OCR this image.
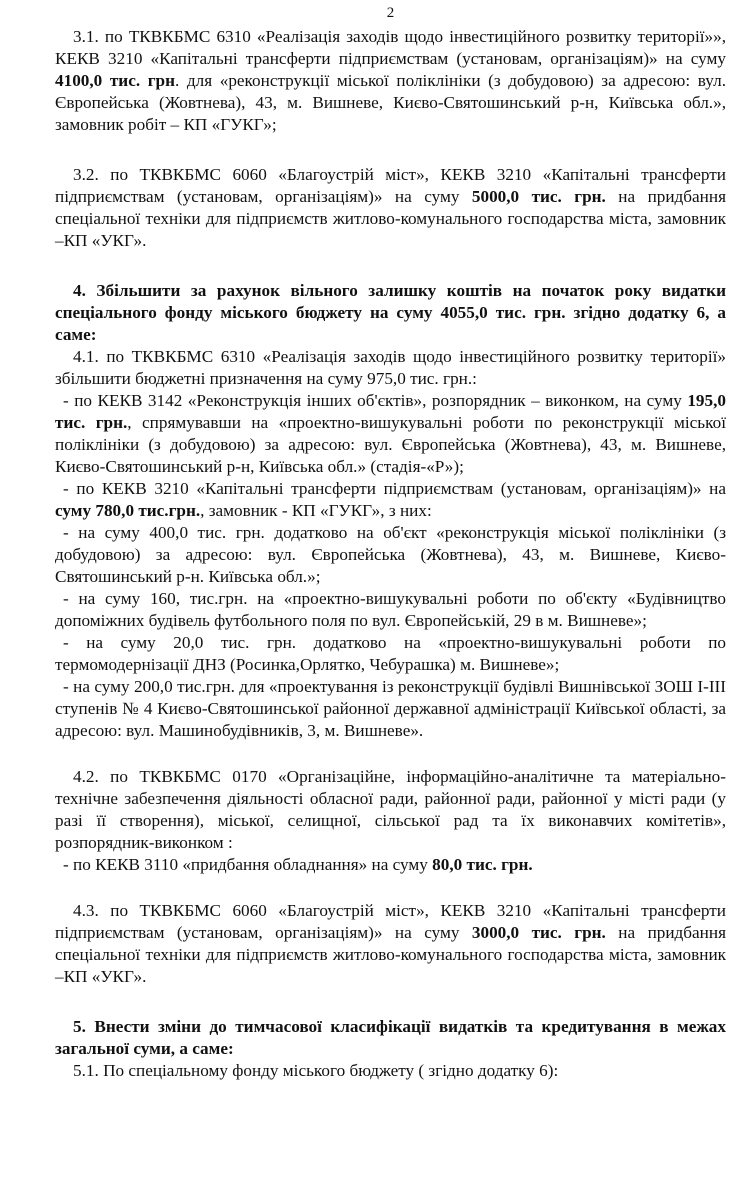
2

3.1. по ТКВКБМС 6310 «Реалізація заходів щодо інвестиційного розвитку території»», КЕКВ 3210 «Капітальні трансферти підприємствам (установам, організаціям)» на суму 4100,0 тис. грн. для «реконструкції міської поліклініки (з добудовою) за адресою: вул. Європейська (Жовтнева), 43, м. Вишневе, Києво-Святошинський р-н, Київська обл.», замовник робіт – КП «ГУКГ»;

3.2. по ТКВКБМС 6060 «Благоустрій міст», КЕКВ 3210 «Капітальні трансферти підприємствам (установам, організаціям)» на суму 5000,0 тис. грн. на придбання спеціальної техніки для підприємств житлово-комунального господарства міста, замовник –КП «УКГ».

4. Збільшити за рахунок вільного залишку коштів на початок року видатки спеціального фонду міського бюджету на суму 4055,0 тис. грн. згідно додатку 6, а саме:

4.1. по ТКВКБМС 6310 «Реалізація заходів щодо інвестиційного розвитку території» збільшити бюджетні призначення на суму 975,0 тис. грн.:

- по КЕКВ 3142 «Реконструкція інших об'єктів», розпорядник – виконком, на суму 195,0 тис. грн., спрямувавши на «проектно-вишукувальні роботи по реконструкції міської поліклініки (з добудовою) за адресою: вул. Європейська (Жовтнева), 43, м. Вишневе, Києво-Святошинський р-н, Київська обл.» (стадія-«Р»);

- по КЕКВ 3210 «Капітальні трансферти підприємствам (установам, організаціям)» на суму 780,0 тис.грн., замовник - КП «ГУКГ», з них:

- на суму 400,0 тис. грн. додатково на об'єкт «реконструкція міської поліклініки (з добудовою) за адресою: вул. Європейська (Жовтнева), 43, м. Вишневе, Києво-Святошинський р-н. Київська обл.»;

- на суму 160, тис.грн. на «проектно-вишукувальні роботи по об'єкту «Будівництво допоміжних будівель футбольного поля по вул. Європейській, 29 в м. Вишневе»;

- на суму 20,0 тис. грн. додатково на «проектно-вишукувальні роботи по термомодернізації ДНЗ (Росинка,Орлятко, Чебурашка) м. Вишневе»;

- на суму 200,0 тис.грн. для «проектування із реконструкції будівлі Вишнівської ЗОШ І-ІІІ ступенів № 4 Києво-Святошинської районної державної адміністрації Київської області, за адресою: вул. Машинобудівників, 3, м. Вишневе».

4.2. по ТКВКБМС 0170 «Організаційне, інформаційно-аналітичне та матеріально-технічне забезпечення діяльності обласної ради, районної ради, районної у місті ради (у разі її створення), міської, селищної, сільської рад та їх виконавчих комітетів», розпорядник-виконком :

- по КЕКВ 3110 «придбання обладнання» на суму 80,0 тис. грн.

4.3. по ТКВКБМС 6060 «Благоустрій міст», КЕКВ 3210 «Капітальні трансферти підприємствам (установам, організаціям)» на суму 3000,0 тис. грн. на придбання спеціальної техніки для підприємств житлово-комунального господарства міста, замовник –КП «УКГ».

5. Внести зміни до тимчасової класифікації видатків та кредитування в межах загальної суми, а саме:

5.1. По спеціальному фонду міського бюджету ( згідно додатку 6):
